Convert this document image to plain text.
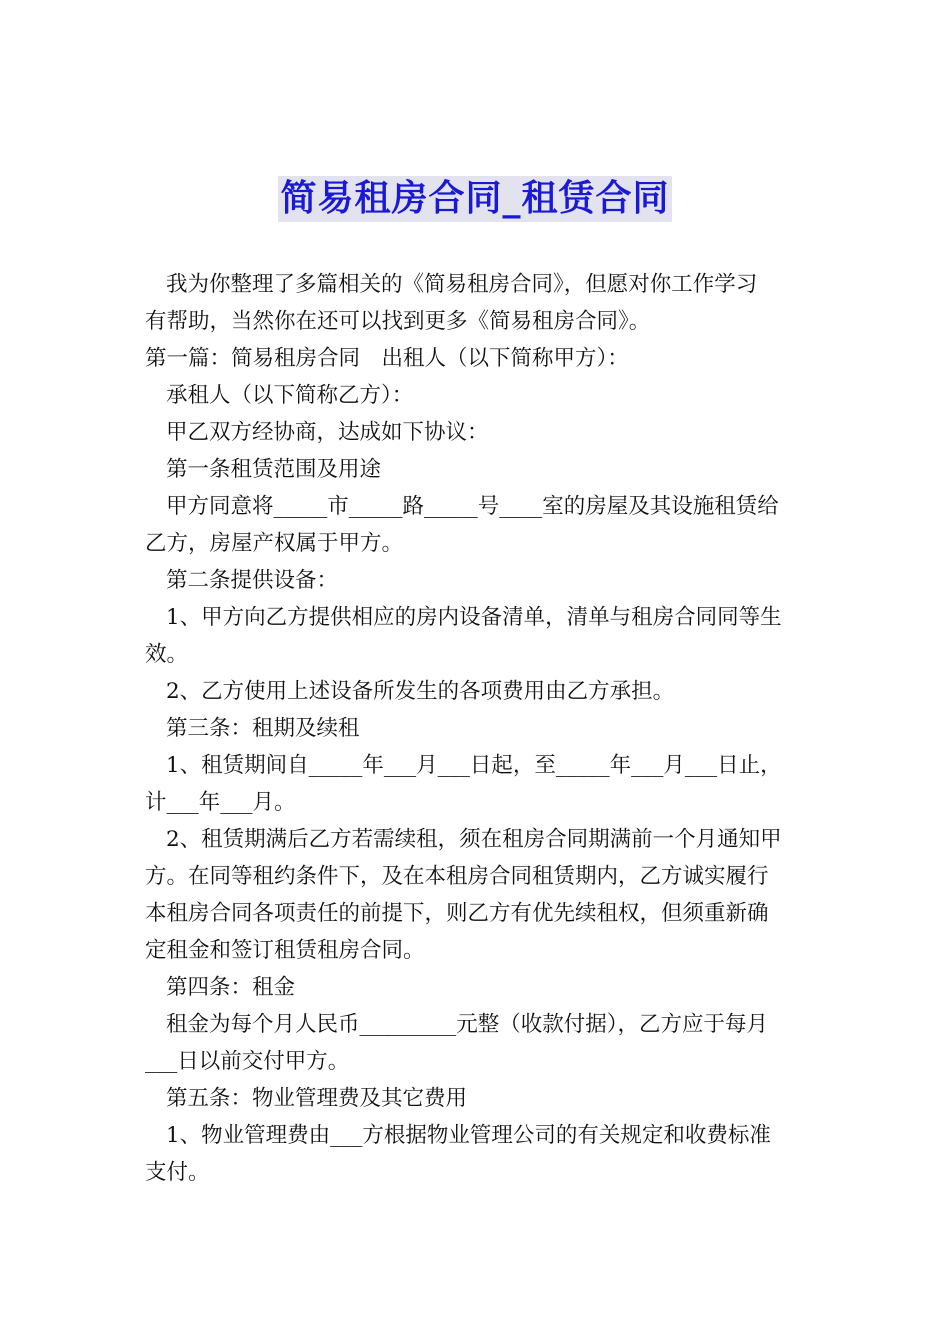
简易租房合同_租赁合同

我为你整理了多篇相关的《简易租房合同》，但愿对你工作学习

有帮助，当然你在还可以找到更多《简易租房合同》。

第一篇：简易租房合同　出租人（以下简称甲方）：

承租人（以下简称乙方）：

甲乙双方经协商，达成如下协议：

第一条租赁范围及用途

甲方同意将_____市_____路_____号____室的房屋及其设施租赁给

乙方，房屋产权属于甲方。

第二条提供设备：

1、甲方向乙方提供相应的房内设备清单，清单与租房合同同等生

效。

2、乙方使用上述设备所发生的各项费用由乙方承担。

第三条：租期及续租

1、租赁期间自_____年___月___日起，至_____年___月___日止，

计___年___月。

2、租赁期满后乙方若需续租，须在租房合同期满前一个月通知甲

方。在同等租约条件下，及在本租房合同租赁期内，乙方诚实履行

本租房合同各项责任的前提下，则乙方有优先续租权，但须重新确

定租金和签订租赁租房合同。

第四条：租金

租金为每个月人民币_________元整（收款付据），乙方应于每月

___日以前交付甲方。

第五条：物业管理费及其它费用

1、物业管理费由___方根据物业管理公司的有关规定和收费标准

支付。
